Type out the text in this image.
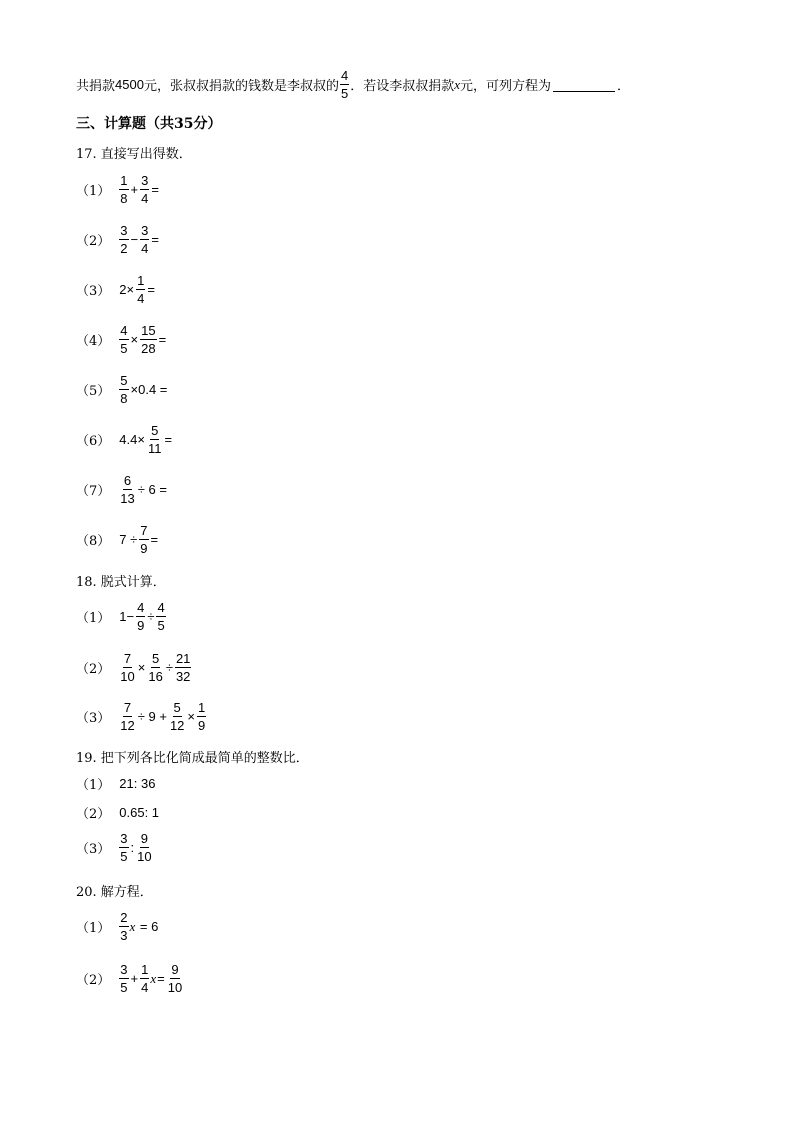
共捐款 4500 元，张叔叔捐款的钱数是李叔叔的 $\frac{4}{5}$ ．若设李叔叔捐款 x 元，可列方程为	．
三、计算题（共35分）
17. 直接写出得数．
$(1) \frac{1}{8} + \frac{3}{4}$ =
$(2) \frac{3}{2} - \frac{3}{4}$ =
（3） $2\times \frac{1}{4}$ =
$(4) \frac{4}{5} \times \frac{15}{28}$ =
$(5) \frac{5}{8} \times 0.4$ =
（6） $4.4\times \frac{5}{11}$ =
$(7) \frac{6}{13} \div 6$ =
（8） $7 \div \frac{7}{9}$ =
18. 脱式计算．
（1） $1- \frac{4}{9} \div \frac{4}{5}$
$(2) \frac{7}{10} \times \frac{5}{16} \div \frac{21}{32}$
$(3) \frac{7}{12} \div 9 + \frac{5}{12} \times \frac{1}{9}$
19. 把下列各比化简成最简单的整数比．
（1） 21: 36
（2） 0.65: 1
$(3) \frac{3}{5}$ : $\frac{9}{10}$
20. 解方程．
$(1) \frac{2}{3}$ x = 6
$(2) \frac{3}{5} + \frac{1}{4}$ $x = \frac{9}{10}$
